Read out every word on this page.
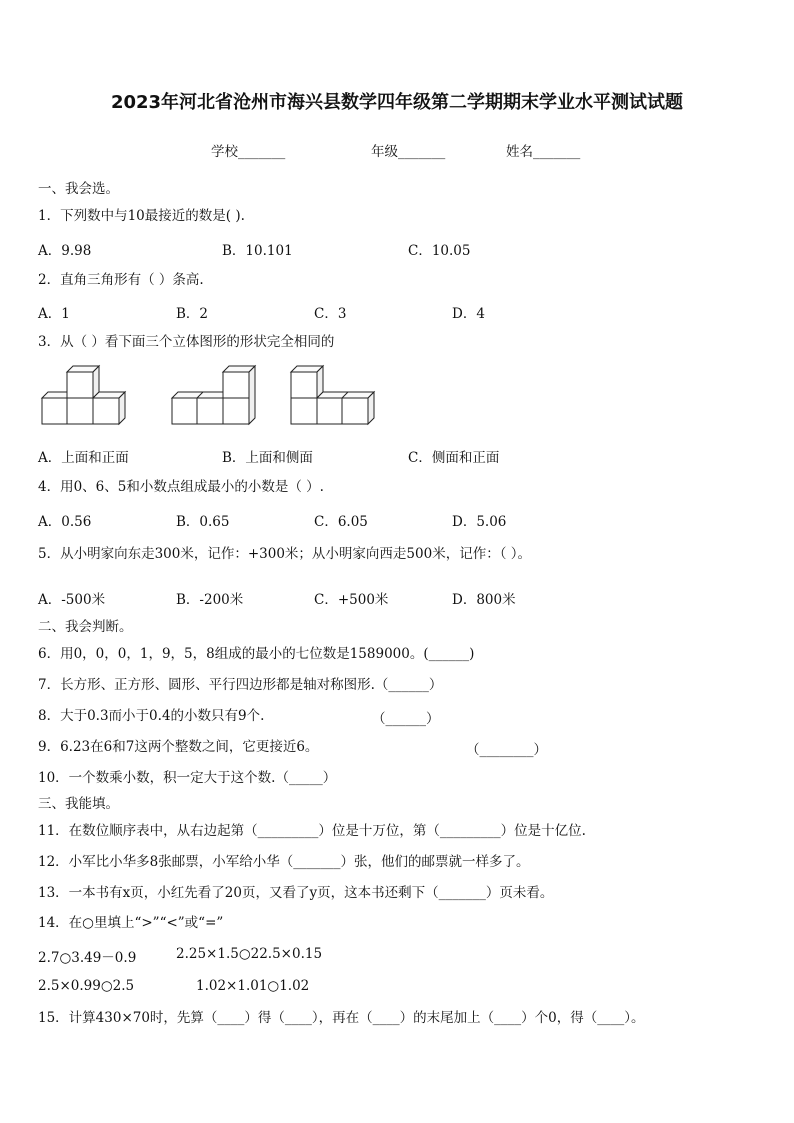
2023年河北省沧州市海兴县数学四年级第二学期期末学业水平测试试题
学校_______	年级_______	姓名_______
一、我会选。
1．下列数中与10最接近的数是( ).
A．9.98	B．10.101	C．10.05
2．直角三角形有（ ）条高.
A．1	B．2	C．3	D．4
3．从（ ）看下面三个立体图形的形状完全相同的
A．上面和正面	B．上面和侧面	C．侧面和正面
4．用0、6、5和小数点组成最小的小数是（ ）.
A．0.56	B．0.65	C．6.05	D．5.06
5．从小明家向东走300米，记作：+300米；从小明家向西走500米，记作：（ ）。
A．-500米	B．-200米	C．+500米	D．800米
二、我会判断。
6．用0，0，0，1，9，5，8组成的最小的七位数是1589000。(______)
7．长方形、正方形、圆形、平行四边形都是轴对称图形.（______）
8．大于0.3而小于0.4的小数只有9个.	（______）
9．6.23在6和7这两个整数之间，它更接近6。	（________）
10．一个数乘小数，积一定大于这个数.（_____）
三、我能填。
11．在数位顺序表中，从右边起第（_________）位是十万位，第（_________）位是十亿位.
12．小军比小华多8张邮票，小军给小华（_______）张，他们的邮票就一样多了。
13．一本书有x页，小红先看了20页，又看了y页，这本书还剩下（_______）页未看。
14．在○里填上“>”“<”或“=”
2.7○3.49－0.9	2.25×1.5○22.5×0.15
2.5×0.99○2.5	1.02×1.01○1.02
15．计算430×70时，先算（____）得（____），再在（____）的末尾加上（____）个0，得（____）。
